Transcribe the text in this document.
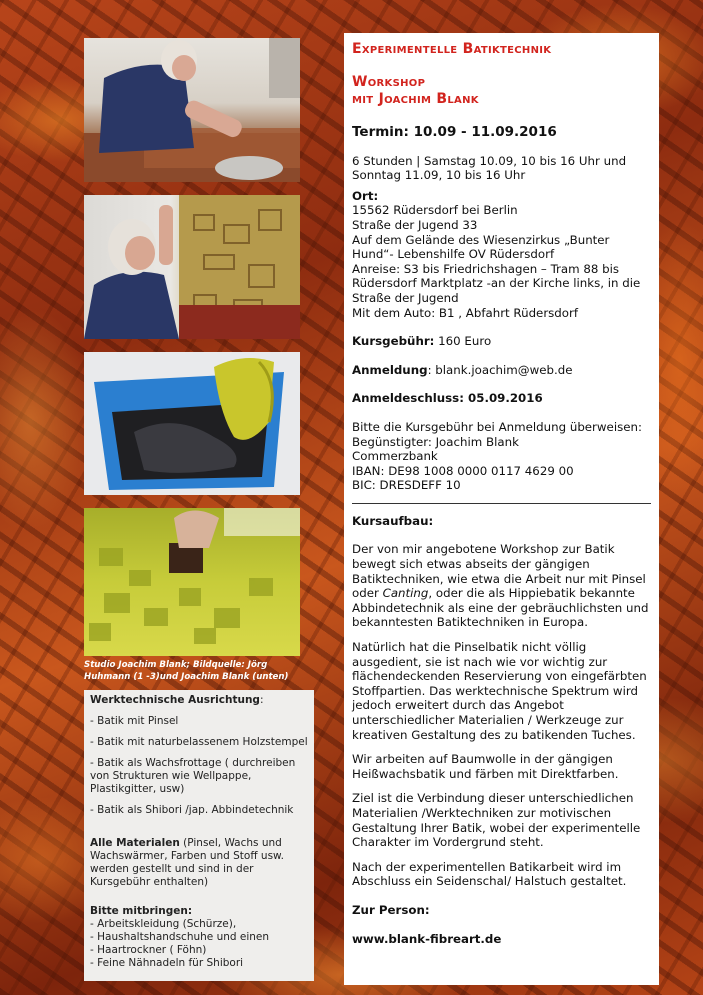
Studio Joachim Blank; Bildquelle: Jörg Huhmann (1 -3)und Joachim Blank (unten)
Werktechnische Ausrichtung:
- Batik mit Pinsel
- Batik mit naturbelassenem Holzstempel
- Batik als Wachsfrottage ( durchreiben von Strukturen wie Wellpappe, Plastikgitter, usw)
- Batik als Shibori /jap. Abbindetechnik
Alle Materialen (Pinsel, Wachs und Wachswärmer, Farben und Stoff usw. werden gestellt und sind in der Kursgebühr enthalten)
Bitte mitbringen:
- Arbeitskleidung (Schürze),
- Haushaltshandschuhe und einen
- Haartrockner ( Föhn)
- Feine Nähnadeln für Shibori
Experimentelle Batiktechnik
Workshop
mit Joachim Blank
Termin: 10.09 - 11.09.2016
6 Stunden | Samstag 10.09, 10 bis 16 Uhr und Sonntag 11.09, 10 bis 16 Uhr
Ort:
15562 Rüdersdorf bei Berlin
Straße der Jugend 33
Auf dem Gelände des Wiesenzirkus „Bunter Hund“- Lebenshilfe OV Rüdersdorf
Anreise: S3 bis Friedrichshagen – Tram 88 bis Rüdersdorf Marktplatz -an der Kirche links, in die Straße der Jugend
Mit dem Auto: B1 , Abfahrt Rüdersdorf
Kursgebühr: 160 Euro
Anmeldung: blank.joachim@web.de
Anmeldeschluss: 05.09.2016
Bitte die Kursgebühr bei Anmeldung überweisen:
Begünstigter: Joachim Blank
Commerzbank
IBAN: DE98 1008 0000 0117 4629 00
BIC: DRESDEFF 10
Kursaufbau:
Der von mir angebotene Workshop zur Batik bewegt sich etwas abseits der gängigen Batiktechniken, wie etwa die Arbeit nur mit Pinsel oder Canting, oder die als Hippiebatik bekannte Abbindetechnik als eine der gebräuchlichsten und bekanntesten Batiktechniken in Europa.
Natürlich hat die Pinselbatik nicht völlig ausgedient, sie ist nach wie vor wichtig zur flächendeckenden Reservierung von eingefärbten Stoffpartien. Das werktechnische Spektrum wird jedoch erweitert durch das Angebot unterschiedlicher Materialien / Werkzeuge zur kreativen Gestaltung des zu batikenden Tuches.
Wir arbeiten auf Baumwolle in der gängigen Heißwachsbatik und färben mit Direktfarben.
Ziel ist die Verbindung dieser unterschiedlichen Materialien /Werktechniken zur motivischen Gestaltung Ihrer Batik, wobei der experimentelle Charakter im Vordergrund steht.
Nach der experimentellen Batikarbeit wird im Abschluss ein Seidenschal/ Halstuch gestaltet.
Zur Person:
www.blank-fibreart.de
